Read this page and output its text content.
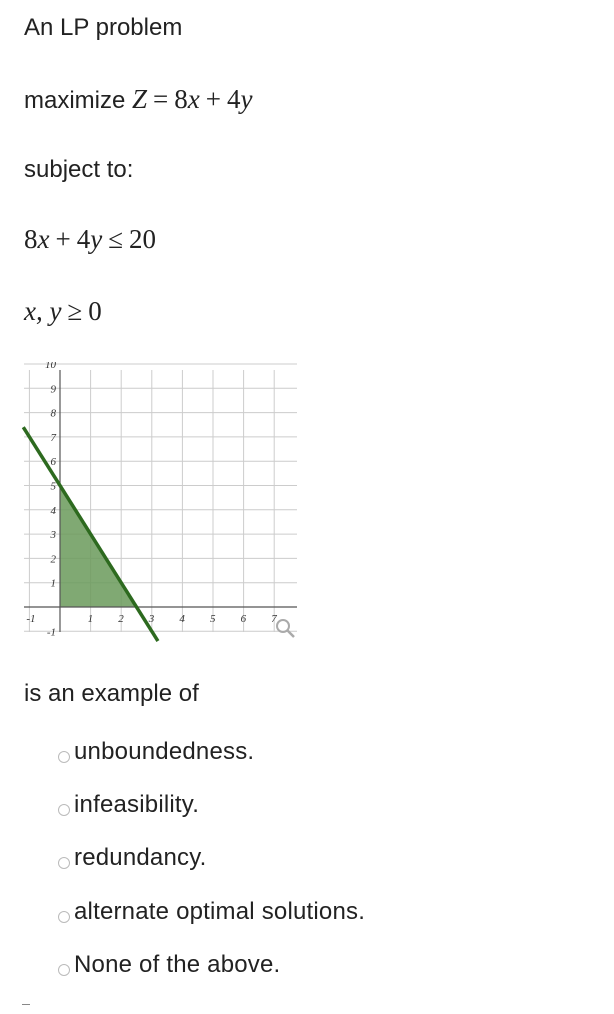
An LP problem
maximize Z = 8x + 4y
subject to:
8x + 4y ≤ 20
x, y ≥ 0
-1	1 2 3 4 5 6 7
-1
1
2
3
4
5
6
7
8
9
10
is an example of
unboundedness.
infeasibility.
redundancy.
alternate optimal solutions.
None of the above.
